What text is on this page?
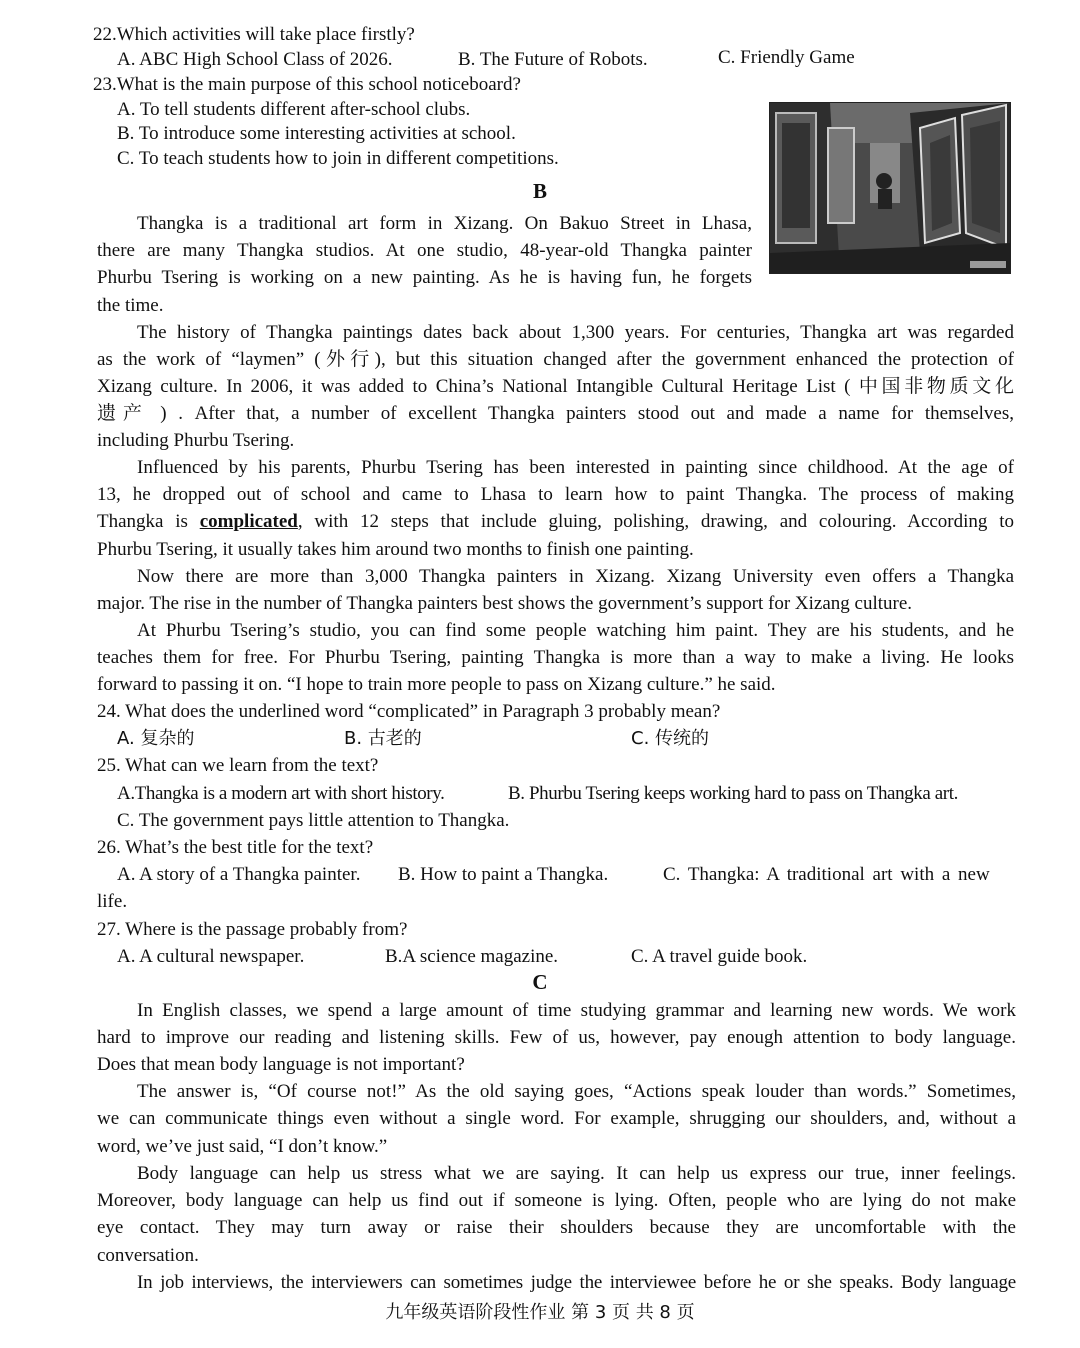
22.Which activities will take place firstly?
A. ABC High School Class of 2026.	B. The Future of Robots.	C. Friendly Game
23.What is the main purpose of this school noticeboard?
A. To tell students different after-school clubs.
B. To introduce some interesting activities at school.
C. To teach students how to join in different competitions.
B
Thangka is a traditional art form in Xizang. On Bakuo Street in Lhasa,
there are many Thangka studios. At one studio, 48-year-old Thangka painter
Phurbu Tsering is working on a new painting. As he is having fun, he forgets
the time.
The history of Thangka paintings dates back about 1,300 years. For centuries, Thangka art was regarded
as the work of “laymen” (外行), but this situation changed after the government enhanced the protection of
Xizang culture. In 2006, it was added to China’s National Intangible Cultural Heritage List ( 中国非物质文化
遗产 ) . After that, a number of excellent Thangka painters stood out and made a name for themselves,
including Phurbu Tsering.
Influenced by his parents, Phurbu Tsering has been interested in painting since childhood. At the age of
13, he dropped out of school and came to Lhasa to learn how to paint Thangka. The process of making
Thangka is complicated, with 12 steps that include gluing, polishing, drawing, and colouring. According to
Phurbu Tsering, it usually takes him around two months to finish one painting.
Now there are more than 3,000 Thangka painters in Xizang. Xizang University even offers a Thangka
major. The rise in the number of Thangka painters best shows the government’s support for Xizang culture.
At Phurbu Tsering’s studio, you can find some people watching him paint. They are his students, and he
teaches them for free. For Phurbu Tsering, painting Thangka is more than a way to make a living. He looks
forward to passing it on. “I hope to train more people to pass on Xizang culture.” he said.
24. What does the underlined word “complicated” in Paragraph 3 probably mean?
A. 复杂的	B. 古老的	C. 传统的
25. What can we learn from the text?
A.Thangka is a modern art with short history.	B. Phurbu Tsering keeps working hard to pass on Thangka art.
C. The government pays little attention to Thangka.
26. What’s the best title for the text?
A. A story of a Thangka painter. B. How to paint a Thangka.	C. Thangka: A traditional art with a new
life.
27. Where is the passage probably from?
A. A cultural newspaper.	B.A science magazine.	C. A travel guide book.
C
In English classes, we spend a large amount of time studying grammar and learning new words. We work
hard to improve our reading and listening skills. Few of us, however, pay enough attention to body language.
Does that mean body language is not important?
The answer is, “Of course not!” As the old saying goes, “Actions speak louder than words.” Sometimes,
we can communicate things even without a single word. For example, shrugging our shoulders, and, without a
word, we’ve just said, “I don’t know.”
Body language can help us stress what we are saying. It can help us express our true, inner feelings.
Moreover, body language can help us find out if someone is lying. Often, people who are lying do not make
eye contact. They may turn away or raise their shoulders because they are uncomfortable with the
conversation.
In job interviews, the interviewers can sometimes judge the interviewee before he or she speaks. Body language
九年级英语阶段性作业 第 3 页 共 8 页
